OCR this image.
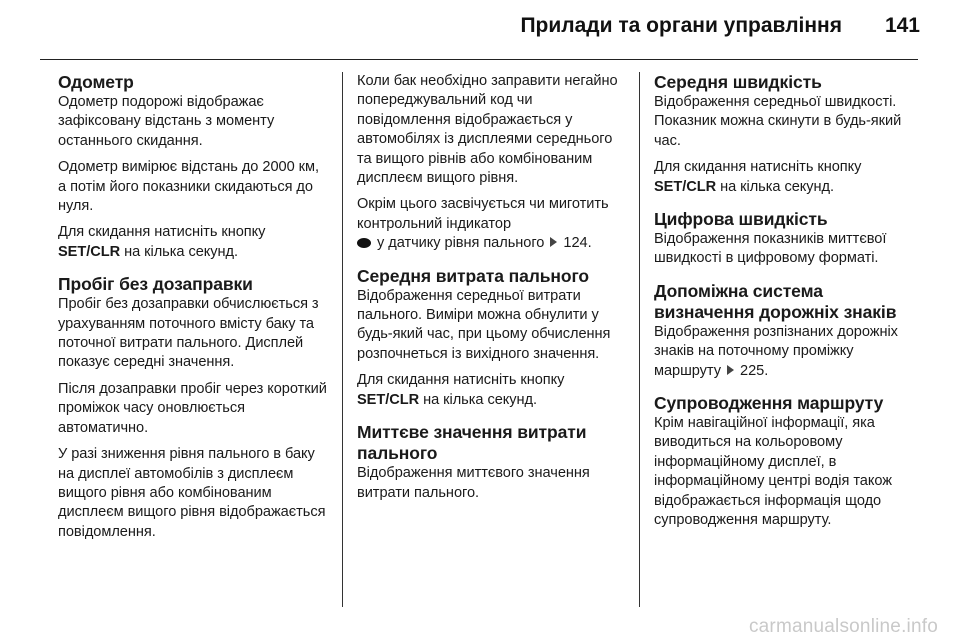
Прилади та органи управління 141
Одометр

Одометр подорожі відображає зафіксовану відстань з моменту останнього скидання.

Одометр вимірює відстань до 2000 км, а потім його показники скидаються до нуля.

Для скидання натисніть кнопку SET/CLR на кілька секунд.

Пробіг без дозаправки

Пробіг без дозаправки обчислюється з урахуванням поточного вмісту баку та поточної витрати пального. Дисплей показує середні значення.

Після дозаправки пробіг через короткий проміжок часу оновлюється автоматично.

У разі зниження рівня пального в баку на дисплеї автомобілів з дисплеєм вищого рівня або комбінованим дисплеєм вищого рівня відображається повідомлення.

Коли бак необхідно заправити негайно попереджувальний код чи повідомлення відображається у автомобілях із дисплеями середнього та вищого рівнів або комбінованим дисплеєм вищого рівня.

Окрім цього засвічується чи миготить контрольний індикатор
у датчику рівня пального  124.

Середня витрата пального

Відображення середньої витрати пального. Виміри можна обнулити у будь-який час, при цьому обчислення розпочнеться із вихідного значення.

Для скидання натисніть кнопку SET/CLR на кілька секунд.

Миттєве значення витрати пального

Відображення миттєвого значення витрати пального.

Середня швидкість

Відображення середньої швидкості. Показник можна скинути в будь-який час.

Для скидання натисніть кнопку SET/CLR на кілька секунд.

Цифрова швидкість

Відображення показників миттєвої швидкості в цифровому форматі.

Допоміжна система визначення дорожніх знаків

Відображення розпізнаних дорожніх знаків на поточному проміжку маршруту  225.

Супроводження маршруту

Крім навігаційної інформації, яка виводиться на кольоровому інформаційному дисплеї, в інформаційному центрі водія також відображається інформація щодо супроводження маршруту.

carmanualsonline.info
